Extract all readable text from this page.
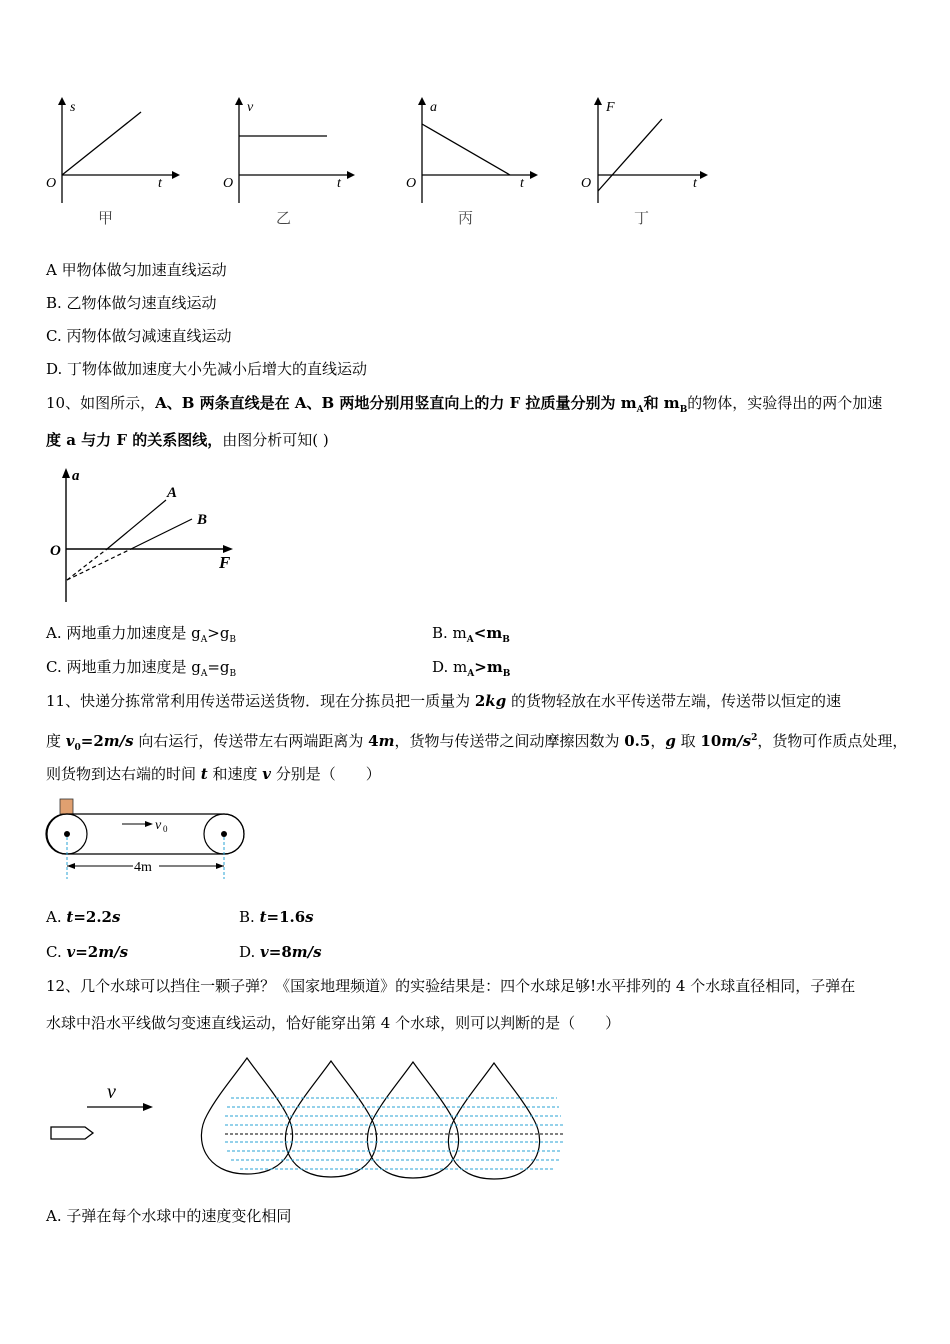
s
t
O
甲
v
t
O
乙
a
t
O
丙
F
t
O
丁
A 甲物体做匀加速直线运动
B. 乙物体做匀速直线运动
C. 丙物体做匀减速直线运动
D. 丁物体做加速度大小先减小后增大的直线运动
10、如图所示，A、B 两条直线是在 A、B 两地分别用竖直向上的力 F 拉质量分别为 $m_A$和 $m_B$的物体，实验得出的两个加速
度 a 与力 F 的关系图线，由图分析可知( )
a
F
O
A
B
A. 两地重力加速度是 $g_A>g_B$	B. $m_A<m_B$
C. 两地重力加速度是 $g_A=g_B$	D. $m_A>m_B$
11、快递分拣常常利用传送带运送货物．现在分拣员把一质量为 2kg 的货物轻放在水平传送带左端，传送带以恒定的速
度 $v_0=2m/s$ 向右运行，传送带左右两端距离为 4m，货物与传送带之间动摩擦因数为 0.5，g 取 $10m/s^2$，货物可作质点处理，
则货物到达右端的时间 t 和速度 v 分别是（　　）
v 0
4m
A. t=2.2s	B. t=1.6s
C. v=2m/s	D. v=8m/s
12、几个水球可以挡住一颗子弹？《国家地理频道》的实验结果是：四个水球足够!水平排列的 4 个水球直径相同，子弹在
水球中沿水平线做匀变速直线运动，恰好能穿出第 4 个水球，则可以判断的是（　　）
v
A. 子弹在每个水球中的速度变化相同
